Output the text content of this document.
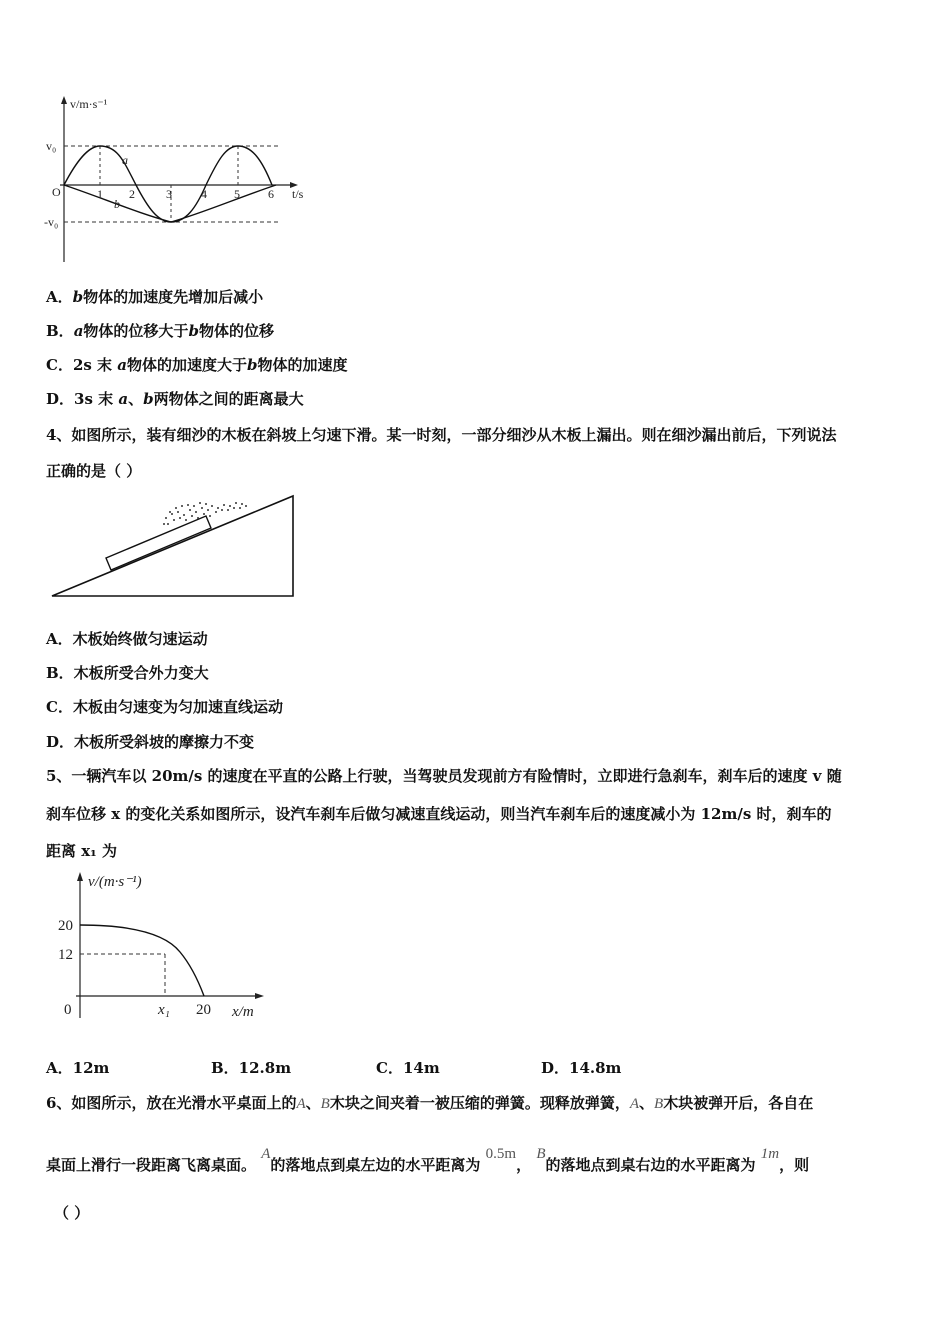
v/m·s⁻¹
t/s
v₀
-v₀
O	1 2	3 4 5 6
a
b
A．b物体的加速度先增加后减小
B．a物体的位移大于b物体的位移
C．2s 末 a物体的加速度大于b物体的加速度
D．3s 末 a、b两物体之间的距离最大
4、如图所示，装有细沙的木板在斜坡上匀速下滑。某一时刻，一部分细沙从木板上漏出。则在细沙漏出前后，下列说法
正确的是（ ）
A．木板始终做匀速运动
B．木板所受合外力变大
C．木板由匀速变为匀加速直线运动
D．木板所受斜坡的摩擦力不变
5、一辆汽车以 20m/s 的速度在平直的公路上行驶，当驾驶员发现前方有险情时，立即进行急刹车，刹车后的速度 v 随
刹车位移 x 的变化关系如图所示，设汽车刹车后做匀减速直线运动，则当汽车刹车后的速度减小为 12m/s 时，刹车的
距离 x₁ 为
v/(m·s⁻¹)
x/m
20
12
0	x₁ 20
A．12m	B．12.8m	C．14m	D．14.8m
6、如图所示，放在光滑水平桌面上的A、B木块之间夹着一被压缩的弹簧。现释放弹簧，A、B木块被弹开后，各自在
桌面上滑行一段距离飞离桌面。 A的落地点到桌左边的水平距离为 0.5m， B的落地点到桌右边的水平距离为 1m，则
（ ）
